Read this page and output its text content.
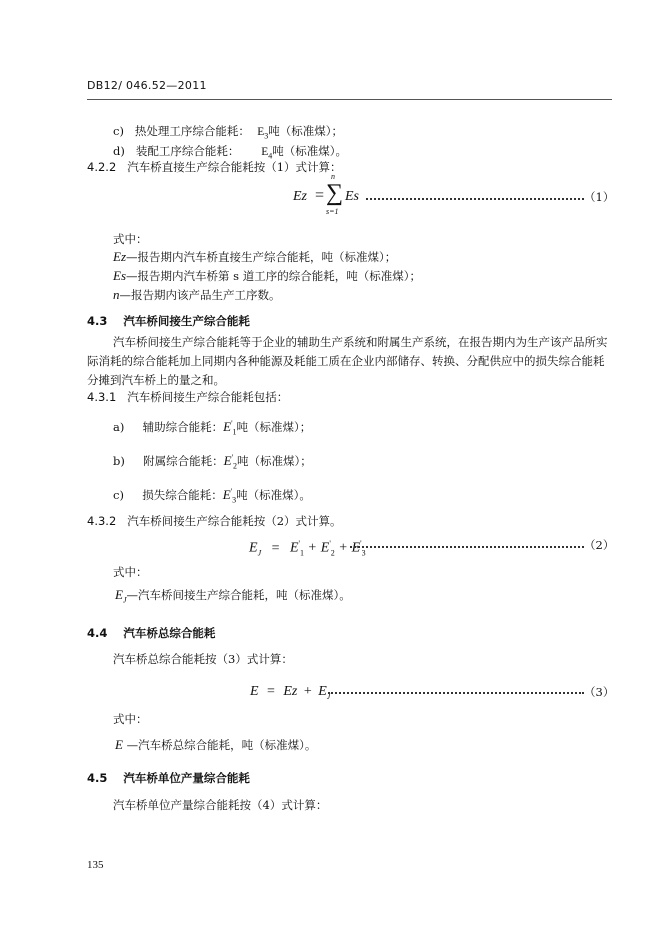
DB12/ 046.52—2011
c) 热处理工序综合能耗： $E_3$吨（标准煤）；
d) 装配工序综合能耗： $E_4$吨（标准煤）。
4.2.2 汽车桥直接生产综合能耗按（1）式计算：
Ez =
n
∑
s=1
Es	（1）
式中：
Ez—报告期内汽车桥直接生产综合能耗，吨（标准煤）；
Es—报告期内汽车桥第 s 道工序的综合能耗，吨（标准煤）；
n—报告期内该产品生产工序数。
4.3 汽车桥间接生产综合能耗
汽车桥间接生产综合能耗等于企业的辅助生产系统和附属生产系统，在报告期内为生产该产品所实
际消耗的综合能耗加上同期内各种能源及耗能工质在企业内部储存、转换、分配供应中的损失综合能耗
分摊到汽车桥上的量之和。
4.3.1 汽车桥间接生产综合能耗包括：
a) 辅助综合能耗：$E'_1$吨（标准煤）；
b) 附属综合能耗：$E'_2$吨（标准煤）；
c) 损失综合能耗：$E'_3$吨（标准煤）。
4.3.2 汽车桥间接生产综合能耗按（2）式计算。
$E_J = E'_1 + E'_2 + E'_3$
（2）
式中：
$E_J—$汽车桥间接生产综合能耗，吨（标准煤）。
4.4 汽车桥总综合能耗
汽车桥总综合能耗按（3）式计算：
$E = Ez + E_J$	（3）
式中：
E —汽车桥总综合能耗，吨（标准煤）。
4.5 汽车桥单位产量综合能耗
汽车桥单位产量综合能耗按（4）式计算：
135
